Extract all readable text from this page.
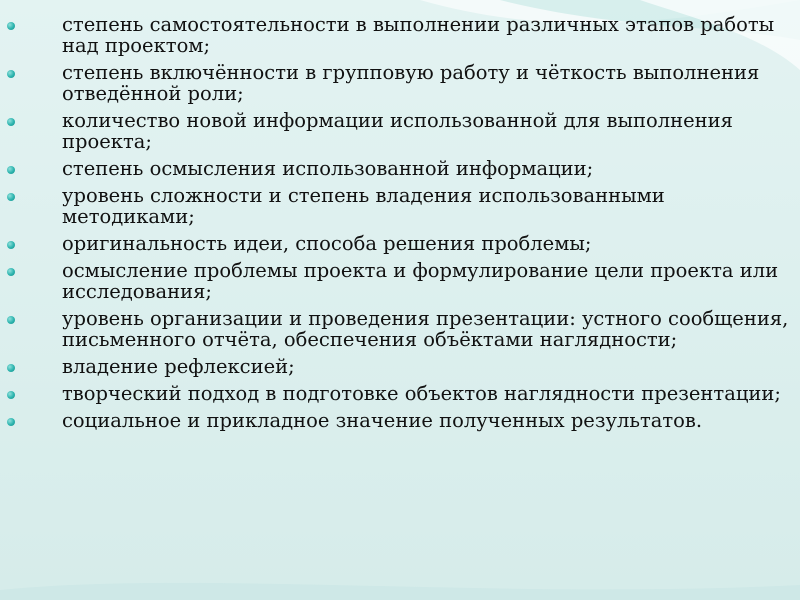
степень самостоятельности в выполнении различных этапов работы над проектом;
степень включённости в групповую работу и чёткость выполнения отведённой роли;
количество новой информации использованной для выполнения проекта;
степень осмысления использованной информации;
уровень сложности и степень владения использованными методиками;
оригинальность идеи, способа решения проблемы;
осмысление проблемы проекта и формулирование цели проекта или исследования;
уровень организации и проведения презентации: устного сообщения, письменного отчёта, обеспечения объёктами наглядности;
владение рефлексией;
творческий подход в подготовке объектов наглядности презентации;
социальное и прикладное значение полученных результатов.
